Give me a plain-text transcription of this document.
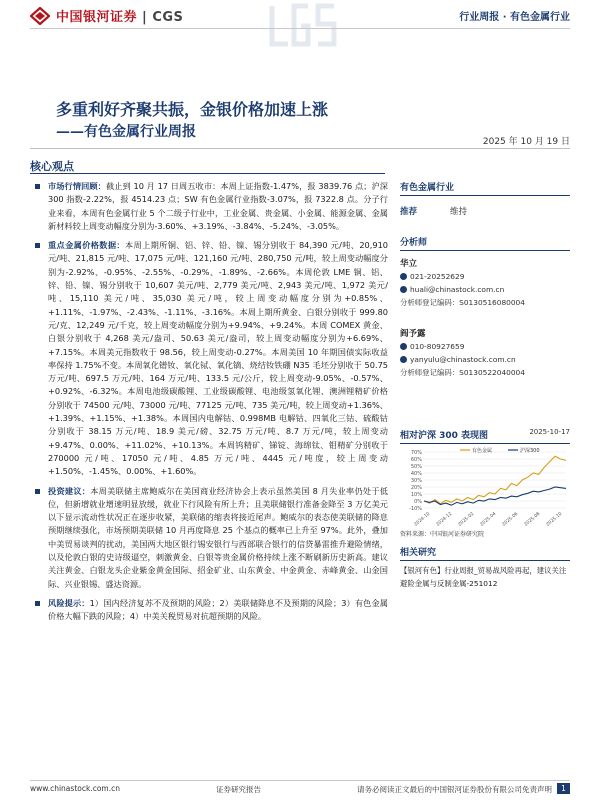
中国银河证券 | CGS	行业周报 · 有色金属行业
多重利好齐聚共振，金银价格加速上涨
——有色金属行业周报
2025 年 10 月 19 日
核心观点
市场行情回顾：截止到 10 月 17 日周五收市：本周上证指数-1.47%，报 3839.76 点；沪深 300 指数-2.22%，报 4514.23 点；SW 有色金属行业指数-3.07%，报 7322.8 点。分子行业来看，本周有色金属行业 5 个二级子行业中，工业金属、贵金属、小金属、能源金属、金属新材料较上周变动幅度分别为-3.60%、+3.19%、-3.84%、-5.24%、-3.05%。
重点金属价格数据：本周上期所铜、铝、锌、铅、镍、锡分别收于 84,390 元/吨、20,910 元/吨、21,815 元/吨、17,075 元/吨、121,160 元/吨、280,750 元/吨，较上周变动幅度分别为-2.92%、-0.95%、-2.55%、-0.29%、-1.89%、-2.66%。本周伦敦 LME 铜、铝、锌、铅、镍、锡分别收于 10,607 美元/吨、2,779 美元/吨、2,943 美元/吨、1,972 美元/吨、15,110 美元/吨、35,030 美元/吨，较上周变动幅度分别为+0.85%、+1.11%、-1.97%、-2.43%、-1.11%、-3.16%。本周上期所黄金、白银分别收于 999.80 元/克、12,249 元/千克，较上周变动幅度分别为+9.94%、+9.24%。本周 COMEX 黄金、白银分别收于 4,268 美元/盎司、50.63 美元/盎司，较上周变动幅度分别为+6.69%、+7.15%。本周美元指数收于 98.56，较上周变动-0.27%。本周美国 10 年期国债实际收益率保持 1.75%不变。本周氧化镨钕、氧化铽、氧化镝、烧结钕铁硼 N35 毛坯分别收于 50.75 万元/吨、697.5 万元/吨、164 万元/吨、133.5 元/公斤，较上周变动-9.05%、-0.57%、+0.92%、-6.32%。本周电池级碳酸锂、工业级碳酸锂、电池级氢氧化锂、澳洲锂精矿价格分别收于 74500 元/吨、73000 元/吨、77125 元/吨、735 美元/吨，较上周变动+1.36%、+1.39%、+1.15%、+1.38%。本周国内电解钴、0.998MB 电解钴、四氧化三钴、硫酸钴分别收于 38.15 万元/吨、18.9 美元/磅、32.75 万元/吨、8.7 万元/吨，较上周变动+9.47%、0.00%、+11.02%、+10.13%。本周钨精矿、锑锭、海绵钛、钼精矿分别收于 270000 元/吨、17050 元/吨、4.85 万元/吨、4445 元/吨度，较上周变动+1.50%、-1.45%、0.00%、+1.60%。
投资建议：本周美联储主席鲍威尔在美国商业经济协会上表示虽然美国 8 月失业率仍处于低位，但新增就业增速明显放缓，就业下行风险有所上升；且美联储银行准备金降至 3 万亿美元以下显示流动性状况正在逐步收紧，美联储的缩表将接近尾声。鲍威尔的表态使美联储的降息预期继续强化，市场预期美联储 10 月再度降息 25 个基点的概率已上升至 97%。此外，叠加中美贸易谈判的扰动，美国两大地区银行锡安银行与西部联合银行的信贷暴雷推升避险情绪，以及伦敦白银的史诗级逼空，刺激黄金、白银等贵金属价格持续上涨不断刷新历史新高。建议关注黄金、白银龙头企业紫金黄金国际、招金矿业、山东黄金、中金黄金、赤峰黄金、山金国际、兴业银锡、盛达资源。
风险提示：1）国内经济复苏不及预期的风险；2）美联储降息不及预期的风险；3）有色金属价格大幅下跌的风险；4）中美关税贸易对抗超预期的风险。
有色金属行业
推荐	维持
分析师
华立
021-20252629
huali@chinastock.com.cn
分析师登记编码：S0130516080004
阎予露
010-80927659
yanyulu@chinastock.com.cn
分析师登记编码：S0130522040004
相对沪深 300 表现图	2025-10-17
70%
60%
50%
40%
30%
20%
10%
0%
-10%
2024-10 2024-12 2025-02 2025-04 2025-06 2025-08 2025-10
有色金属	沪深300
资料来源：中国银河证券研究院
相关研究
【银河有色】行业周报_贸易战风险再起，建议关注避险金属与反制金属-251012
www.chinastock.com.cn	证券研究报告	请务必阅读正文最后的中国银河证券股份有限公司免责声明	1
